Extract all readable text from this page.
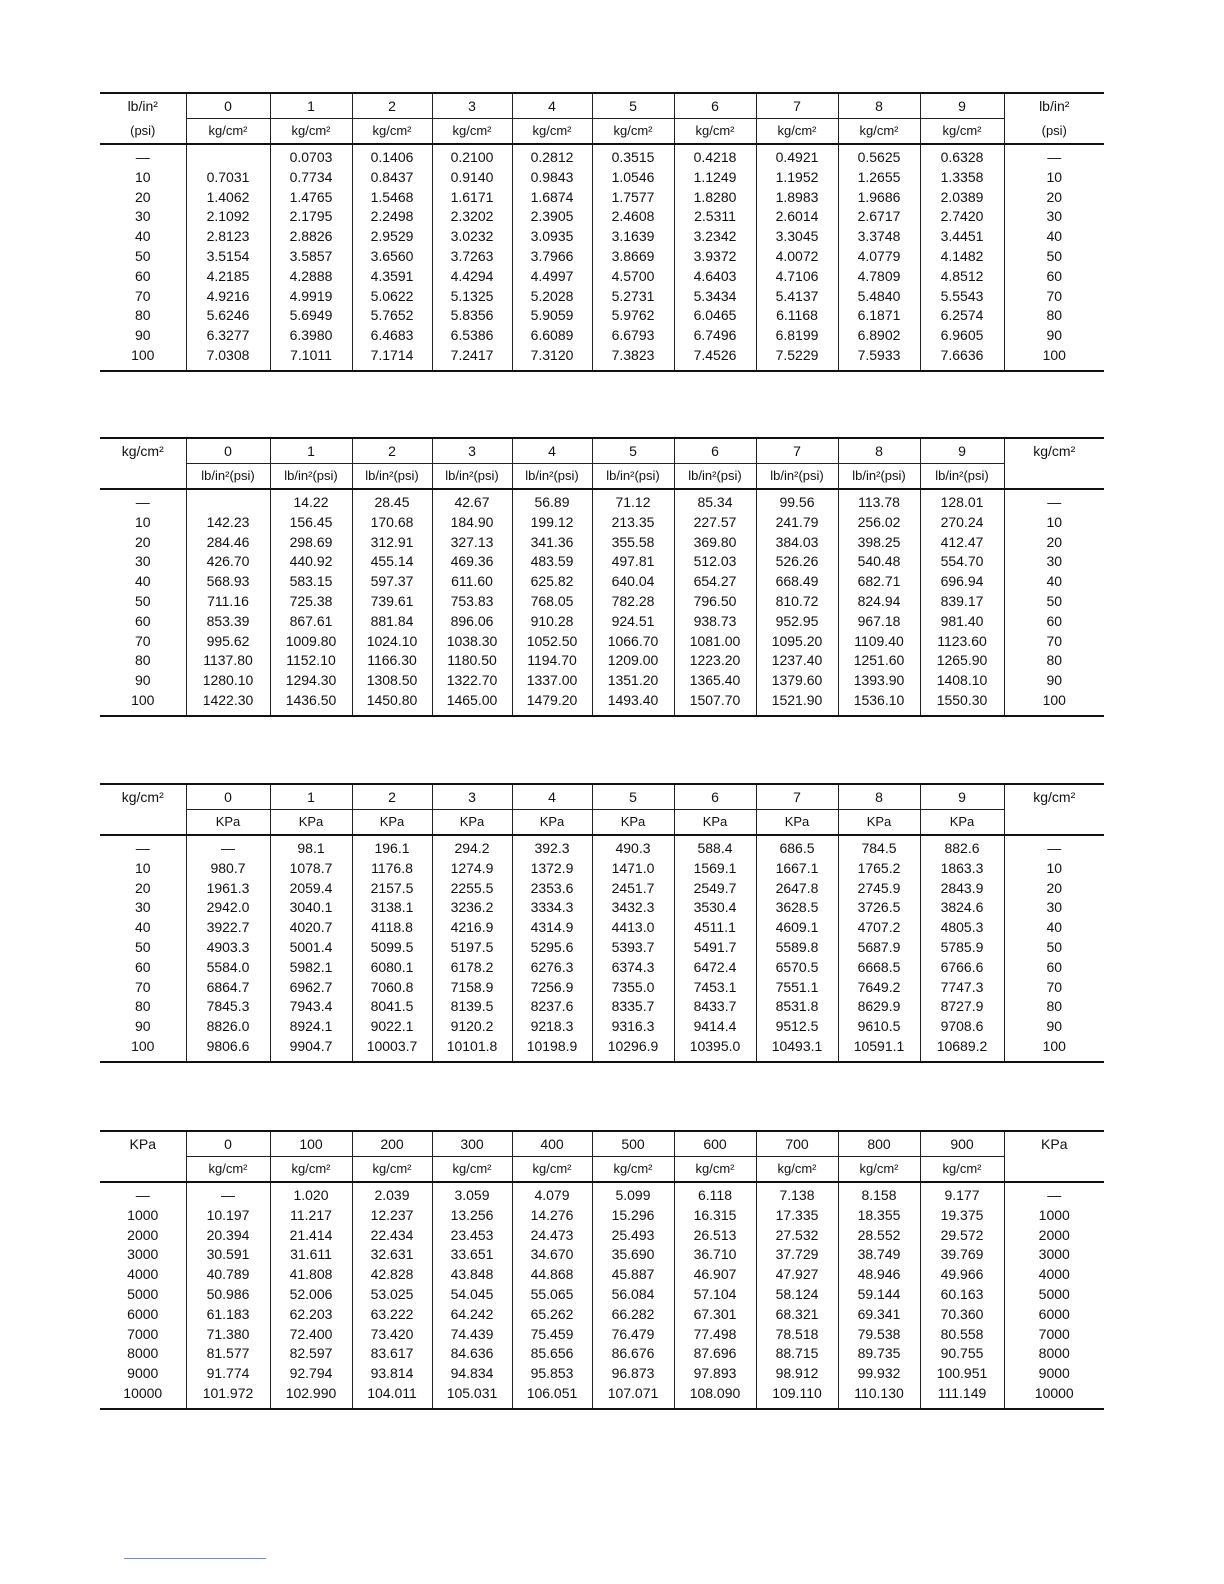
lb/in²	0	1	2	3	4	5	6	7	8	9	lb/in²
(psi)	kg/cm²	kg/cm²	kg/cm²	kg/cm²	kg/cm²	kg/cm²	kg/cm²	kg/cm²	kg/cm²	kg/cm²	(psi)
—		0.0703	0.1406	0.2100	0.2812	0.3515	0.4218	0.4921	0.5625	0.6328	—
10	0.7031	0.7734	0.8437	0.9140	0.9843	1.0546	1.1249	1.1952	1.2655	1.3358	10
20	1.4062	1.4765	1.5468	1.6171	1.6874	1.7577	1.8280	1.8983	1.9686	2.0389	20
30	2.1092	2.1795	2.2498	2.3202	2.3905	2.4608	2.5311	2.6014	2.6717	2.7420	30
40	2.8123	2.8826	2.9529	3.0232	3.0935	3.1639	3.2342	3.3045	3.3748	3.4451	40
50	3.5154	3.5857	3.6560	3.7263	3.7966	3.8669	3.9372	4.0072	4.0779	4.1482	50
60	4.2185	4.2888	4.3591	4.4294	4.4997	4.5700	4.6403	4.7106	4.7809	4.8512	60
70	4.9216	4.9919	5.0622	5.1325	5.2028	5.2731	5.3434	5.4137	5.4840	5.5543	70
80	5.6246	5.6949	5.7652	5.8356	5.9059	5.9762	6.0465	6.1168	6.1871	6.2574	80
90	6.3277	6.3980	6.4683	6.5386	6.6089	6.6793	6.7496	6.8199	6.8902	6.9605	90
100	7.0308	7.1011	7.1714	7.2417	7.3120	7.3823	7.4526	7.5229	7.5933	7.6636	100
kg/cm²	0	1	2	3	4	5	6	7	8	9	kg/cm²
	lb/in²(psi)	lb/in²(psi)	lb/in²(psi)	lb/in²(psi)	lb/in²(psi)	lb/in²(psi)	lb/in²(psi)	lb/in²(psi)	lb/in²(psi)	lb/in²(psi)	
—		14.22	28.45	42.67	56.89	71.12	85.34	99.56	113.78	128.01	—
10	142.23	156.45	170.68	184.90	199.12	213.35	227.57	241.79	256.02	270.24	10
20	284.46	298.69	312.91	327.13	341.36	355.58	369.80	384.03	398.25	412.47	20
30	426.70	440.92	455.14	469.36	483.59	497.81	512.03	526.26	540.48	554.70	30
40	568.93	583.15	597.37	611.60	625.82	640.04	654.27	668.49	682.71	696.94	40
50	711.16	725.38	739.61	753.83	768.05	782.28	796.50	810.72	824.94	839.17	50
60	853.39	867.61	881.84	896.06	910.28	924.51	938.73	952.95	967.18	981.40	60
70	995.62	1009.80	1024.10	1038.30	1052.50	1066.70	1081.00	1095.20	1109.40	1123.60	70
80	1137.80	1152.10	1166.30	1180.50	1194.70	1209.00	1223.20	1237.40	1251.60	1265.90	80
90	1280.10	1294.30	1308.50	1322.70	1337.00	1351.20	1365.40	1379.60	1393.90	1408.10	90
100	1422.30	1436.50	1450.80	1465.00	1479.20	1493.40	1507.70	1521.90	1536.10	1550.30	100
kg/cm²	0	1	2	3	4	5	6	7	8	9	kg/cm²
	KPa	KPa	KPa	KPa	KPa	KPa	KPa	KPa	KPa	KPa	
—	—	98.1	196.1	294.2	392.3	490.3	588.4	686.5	784.5	882.6	—
10	980.7	1078.7	1176.8	1274.9	1372.9	1471.0	1569.1	1667.1	1765.2	1863.3	10
20	1961.3	2059.4	2157.5	2255.5	2353.6	2451.7	2549.7	2647.8	2745.9	2843.9	20
30	2942.0	3040.1	3138.1	3236.2	3334.3	3432.3	3530.4	3628.5	3726.5	3824.6	30
40	3922.7	4020.7	4118.8	4216.9	4314.9	4413.0	4511.1	4609.1	4707.2	4805.3	40
50	4903.3	5001.4	5099.5	5197.5	5295.6	5393.7	5491.7	5589.8	5687.9	5785.9	50
60	5584.0	5982.1	6080.1	6178.2	6276.3	6374.3	6472.4	6570.5	6668.5	6766.6	60
70	6864.7	6962.7	7060.8	7158.9	7256.9	7355.0	7453.1	7551.1	7649.2	7747.3	70
80	7845.3	7943.4	8041.5	8139.5	8237.6	8335.7	8433.7	8531.8	8629.9	8727.9	80
90	8826.0	8924.1	9022.1	9120.2	9218.3	9316.3	9414.4	9512.5	9610.5	9708.6	90
100	9806.6	9904.7	10003.7	10101.8	10198.9	10296.9	10395.0	10493.1	10591.1	10689.2	100
KPa	0	100	200	300	400	500	600	700	800	900	KPa
	kg/cm²	kg/cm²	kg/cm²	kg/cm²	kg/cm²	kg/cm²	kg/cm²	kg/cm²	kg/cm²	kg/cm²	
—	—	1.020	2.039	3.059	4.079	5.099	6.118	7.138	8.158	9.177	—
1000	10.197	11.217	12.237	13.256	14.276	15.296	16.315	17.335	18.355	19.375	1000
2000	20.394	21.414	22.434	23.453	24.473	25.493	26.513	27.532	28.552	29.572	2000
3000	30.591	31.611	32.631	33.651	34.670	35.690	36.710	37.729	38.749	39.769	3000
4000	40.789	41.808	42.828	43.848	44.868	45.887	46.907	47.927	48.946	49.966	4000
5000	50.986	52.006	53.025	54.045	55.065	56.084	57.104	58.124	59.144	60.163	5000
6000	61.183	62.203	63.222	64.242	65.262	66.282	67.301	68.321	69.341	70.360	6000
7000	71.380	72.400	73.420	74.439	75.459	76.479	77.498	78.518	79.538	80.558	7000
8000	81.577	82.597	83.617	84.636	85.656	86.676	87.696	88.715	89.735	90.755	8000
9000	91.774	92.794	93.814	94.834	95.853	96.873	97.893	98.912	99.932	100.951	9000
10000	101.972	102.990	104.011	105.031	106.051	107.071	108.090	109.110	110.130	111.149	10000
